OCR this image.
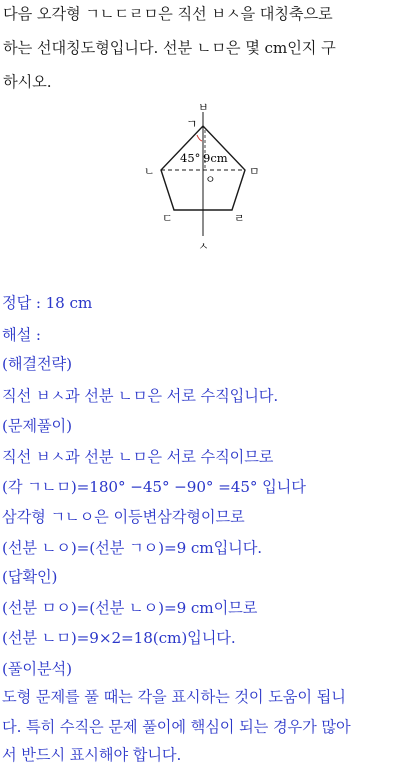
다음 오각형 ㄱㄴㄷㄹㅁ은 직선 ㅂㅅ을 대칭축으로
하는 선대칭도형입니다. 선분 ㄴㅁ은 몇 cm인지 구
하시오.
ㅂ
ㄱ
45° 9cm
ㅇ
ㄴ	ㅁ
ㄷ	ㄹ
ㅅ
정답 : 18 cm
해설 :
(해결전략)
직선 ㅂㅅ과 선분 ㄴㅁ은 서로 수직입니다.
(문제풀이)
직선 ㅂㅅ과 선분 ㄴㅁ은 서로 수직이므로
(각 ㄱㄴㅁ)=180° −45° −90° =45° 입니다
삼각형 ㄱㄴㅇ은 이등변삼각형이므로
(선분 ㄴㅇ)=(선분 ㄱㅇ)=9 cm입니다.
(답확인)
(선분 ㅁㅇ)=(선분 ㄴㅇ)=9 cm이므로
(선분 ㄴㅁ)=9×2=18(cm)입니다.
(풀이분석)
도형 문제를 풀 때는 각을 표시하는 것이 도움이 됩니
다. 특히 수직은 문제 풀이에 핵심이 되는 경우가 많아
서 반드시 표시해야 합니다.
